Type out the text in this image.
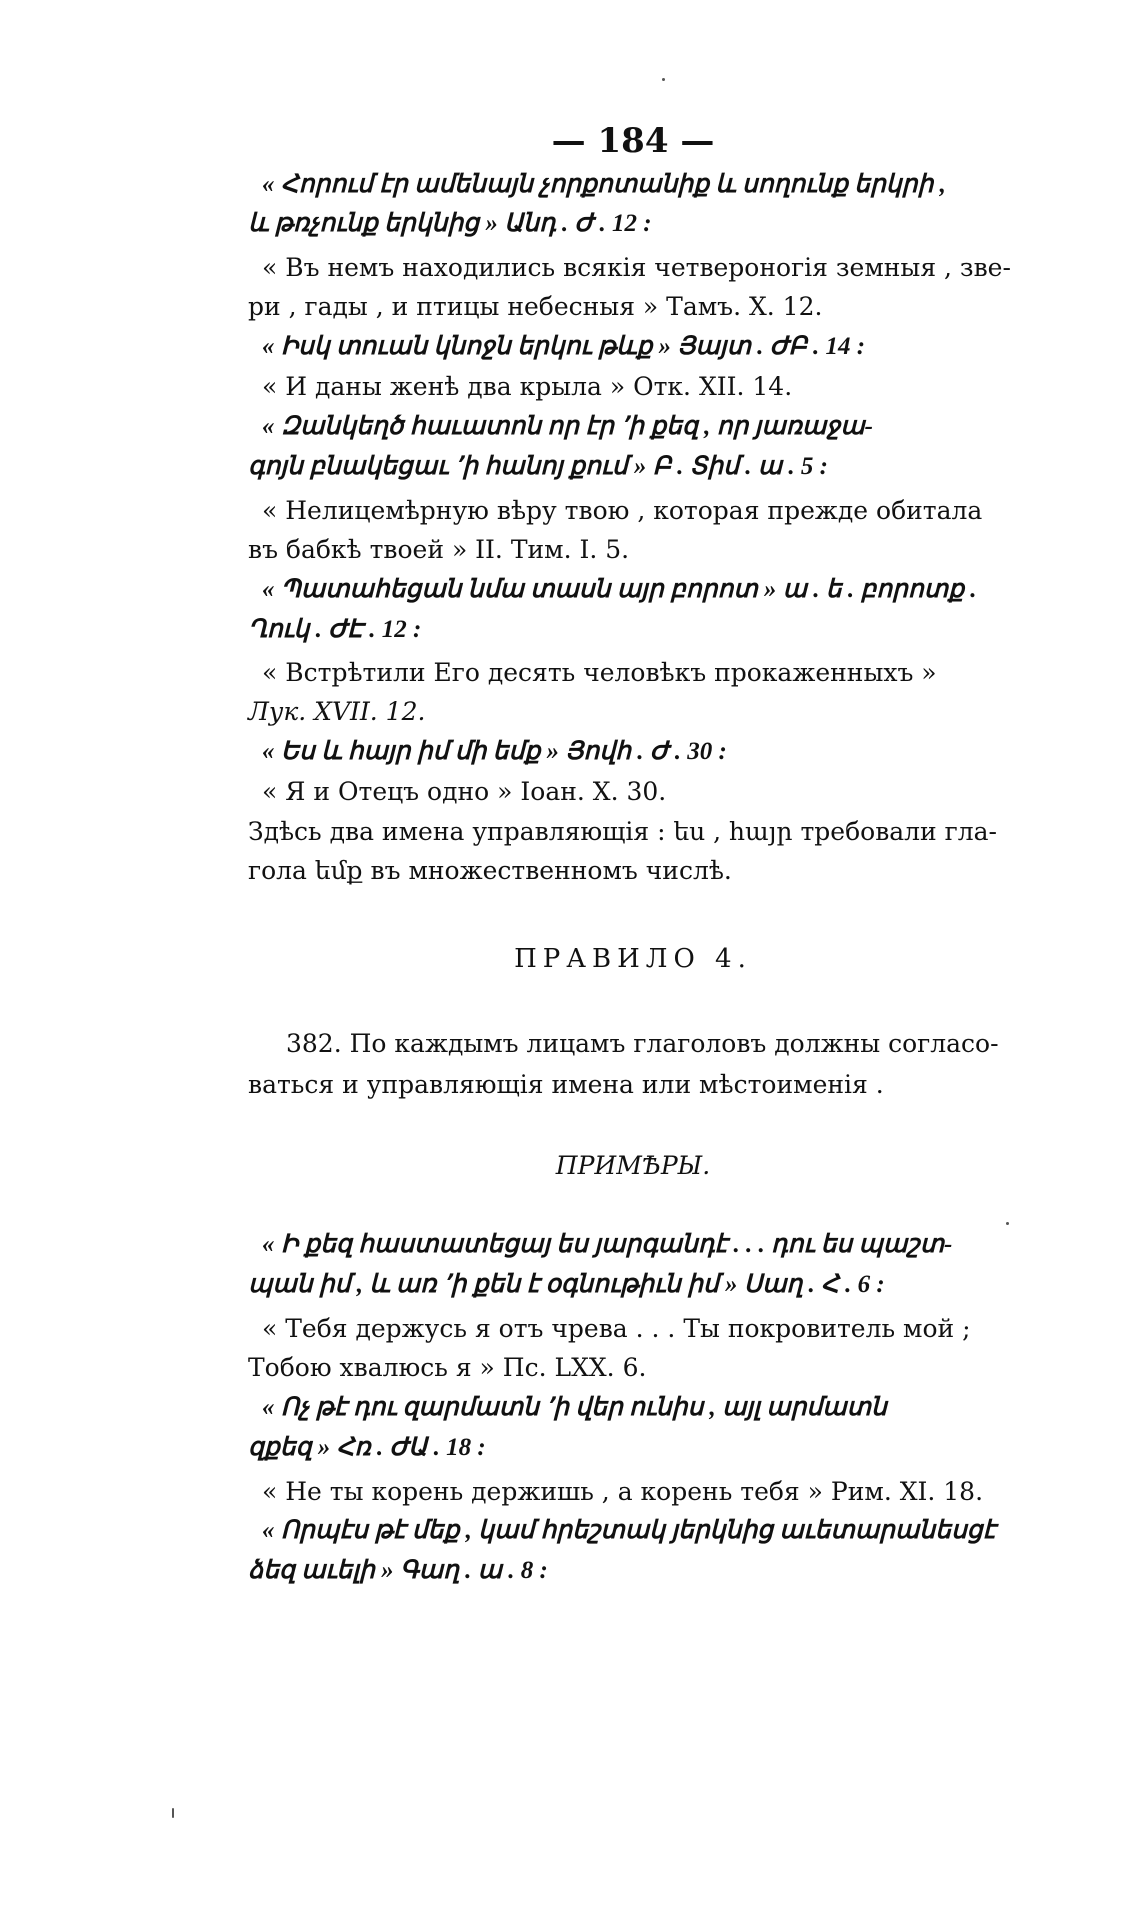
— 184 —
« Հորում էր ամենայն չորքոտանիք և սողունք երկրի ,
և թռչունք երկնից » Անդ . Ժ . 12 :
« Въ немъ находились всякія четвероногія земныя , зве-
ри , гады , и птицы небесныя » Тамъ. X. 12.
« Իսկ տուան կնոջն երկու թևք » Յայտ . ԺԲ . 14 :
« И даны женѣ два крыла » Отк. XII. 14.
« Զանկեղծ հաւատոն որ էր ՚ի քեզ , որ յառաջա-
գոյն բնակեցաւ ՚ի հանոյ քում » Բ . Տիմ . ա . 5 :
« Нелицемѣрную вѣру твою , которая прежде обитала
въ бабкѣ твоей » II. Тим. I. 5.
« Պատահեցան նմա տասն այր բորոտ » ա . ե . բորոտք .
Ղուկ . ԺԷ . 12 :
« Встрѣтили Его десять человѣкъ прокаженныхъ »
Лук. XVII. 12.
« Ես և հայր իմ մի եմք » Յովհ . Ժ . 30 :
« Я и Отецъ одно » Іоан. X. 30.
Здѣсь два имена управляющія : ես , հայր требовали гла-
гола եմք въ множественномъ числѣ.
ПРАВИЛО 4.
382. По каждымъ лицамъ глаголовъ должны согласо-
ваться и управляющія имена или мѣстоименія .
ПРИМѢРЫ.
« Ի քեզ հաստատեցայ ես յարգանդէ . . . դու ես պաշտ-
պան իմ , և առ ՚ի քեն է օգնութիւն իմ » Սաղ . Հ . 6 :
« Тебя держусь я отъ чрева . . . Ты покровитель мой ;
Тобою хвалюсь я » Пс. LXX. 6.
« Ոչ թէ դու զարմատն ՚ի վեր ունիս , այլ արմատն
զքեզ » Հռ . ԺԱ . 18 :
« Не ты корень держишь , а корень тебя » Рим. XI. 18.
« Որպէս թէ մեք , կամ հրեշտակ յերկնից աւետարանեսցէ
ձեզ աւելի » Գաղ . ա . 8 :
